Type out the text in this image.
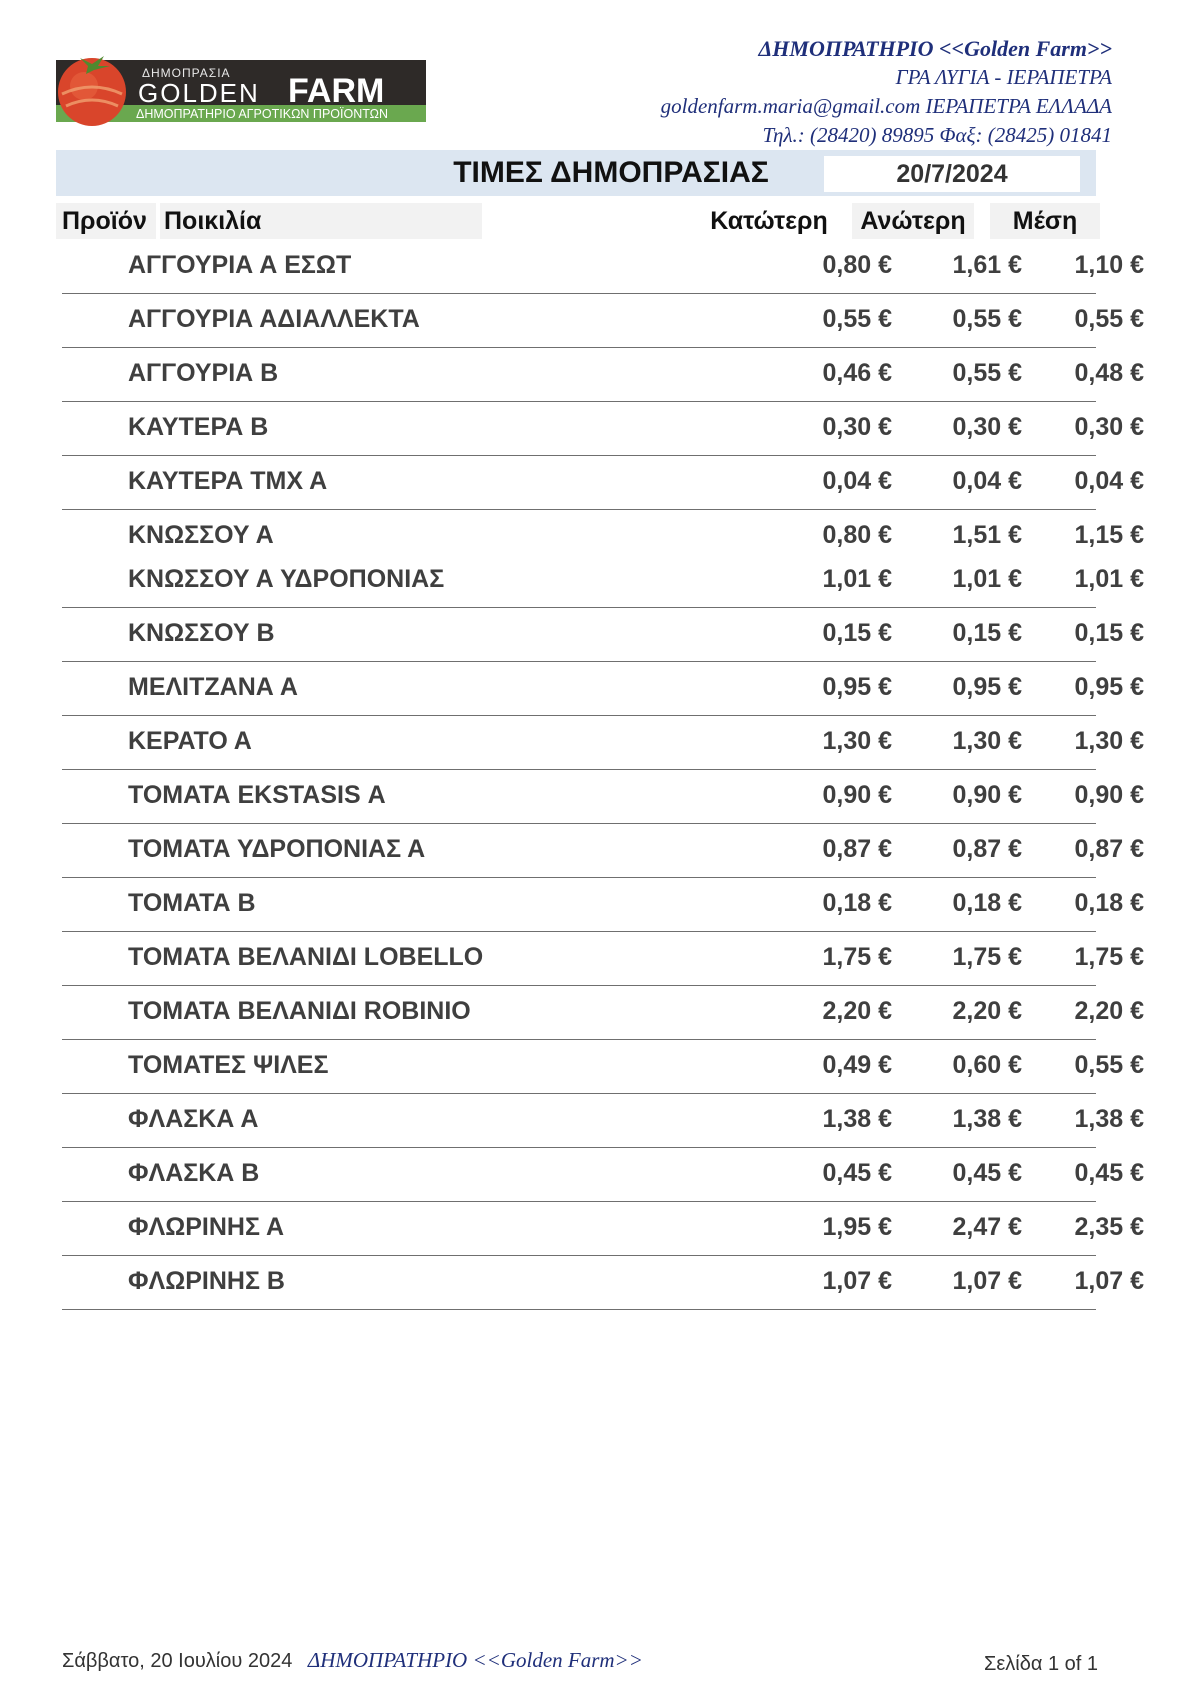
ΔΗΜΟΠΡΑΣΙΑ
GOLDEN FARM
ΔΗΜΟΠΡΑΤΗΡΙΟ ΑΓΡΟΤΙΚΩΝ ΠΡΟΪΟΝΤΩΝ
ΔΗΜΟΠΡΑΤΗΡΙΟ <<Golden Farm>>
ΓΡΑ ΛΥΓΙΑ - ΙΕΡΑΠΕΤΡΑ
goldenfarm.maria@gmail.com ΙΕΡΑΠΕΤΡΑ ΕΛΛΑΔΑ
Τηλ.: (28420) 89895 Φαξ: (28425) 01841
ΤΙΜΕΣ ΔΗΜΟΠΡΑΣΙΑΣ	20/7/2024
Προϊόν Ποικιλία	Κατώτερη	Ανώτερη	Μέση
ΑΓΓΟΥΡΙΑ Α ΕΣΩΤ	0,80 €	1,61 €	1,10 €
ΑΓΓΟΥΡΙΑ ΑΔΙΑΛΛΕΚΤΑ	0,55 €	0,55 €	0,55 €
ΑΓΓΟΥΡΙΑ Β	0,46 €	0,55 €	0,48 €
ΚΑΥΤΕΡΑ Β	0,30 €	0,30 €	0,30 €
ΚΑΥΤΕΡΑ ΤΜΧ Α	0,04 €	0,04 €	0,04 €
ΚΝΩΣΣΟΥ Α	0,80 €	1,51 €	1,15 €
ΚΝΩΣΣΟΥ Α ΥΔΡΟΠΟΝΙΑΣ	1,01 €	1,01 €	1,01 €
ΚΝΩΣΣΟΥ Β	0,15 €	0,15 €	0,15 €
ΜΕΛΙΤΖΑΝΑ Α	0,95 €	0,95 €	0,95 €
ΚΕΡΑΤΟ Α	1,30 €	1,30 €	1,30 €
ΤΟΜΑΤΑ EKSTASIS Α	0,90 €	0,90 €	0,90 €
ΤΟΜΑΤΑ ΥΔΡΟΠΟΝΙΑΣ Α	0,87 €	0,87 €	0,87 €
ΤΟΜΑΤΑ Β	0,18 €	0,18 €	0,18 €
ΤΟΜΑΤΑ ΒΕΛΑΝΙΔΙ LOBELLO	1,75 €	1,75 €	1,75 €
ΤΟΜΑΤΑ ΒΕΛΑΝΙΔΙ ROBINIO	2,20 €	2,20 €	2,20 €
ΤΟΜΑΤΕΣ ΨΙΛΕΣ	0,49 €	0,60 €	0,55 €
ΦΛΑΣΚΑ Α	1,38 €	1,38 €	1,38 €
ΦΛΑΣΚΑ Β	0,45 €	0,45 €	0,45 €
ΦΛΩΡΙΝΗΣ Α	1,95 €	2,47 €	2,35 €
ΦΛΩΡΙΝΗΣ Β	1,07 €	1,07 €	1,07 €
Σάββατο, 20 Ιουλίου 2024 ΔΗΜΟΠΡΑΤΗΡΙΟ <<Golden Farm>>	Σελίδα 1 of 1
